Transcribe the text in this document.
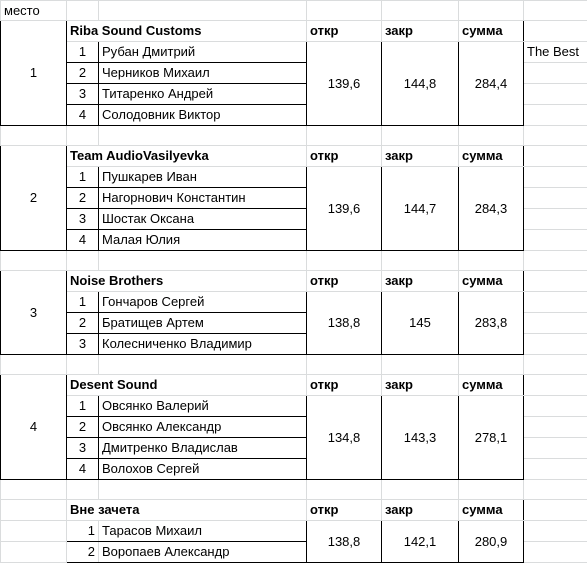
место						
1	Riba Sound Customs		откр	закр	сумма	
	1	Рубан Дмитрий	139,6	144,8	284,4	The Best
	2	Черников Михаил				
	3	Титаренко Андрей				
	4	Солодовник Виктор				

2	Team AudioVasilyevka		откр	закр	сумма	
	1	Пушкарев Иван	139,6	144,7	284,3	
	2	Нагорнович Константин				
	3	Шостак Оксана				
	4	Малая Юлия				

3	Noise Brothers		откр	закр	сумма	
	1	Гончаров Сергей	138,8	145	283,8	
	2	Братищев Артем				
	3	Колесниченко Владимир				

4	Desent Sound		откр	закр	сумма	
	1	Овсянко Валерий	134,8	143,3	278,1	
	2	Овсянко Александр				
	3	Дмитренко Владислав				
	4	Волохов Сергей				

	Вне зачета		откр	закр	сумма	
	1	Тарасов Михаил	138,8	142,1	280,9	
	2	Воропаев Александр				
